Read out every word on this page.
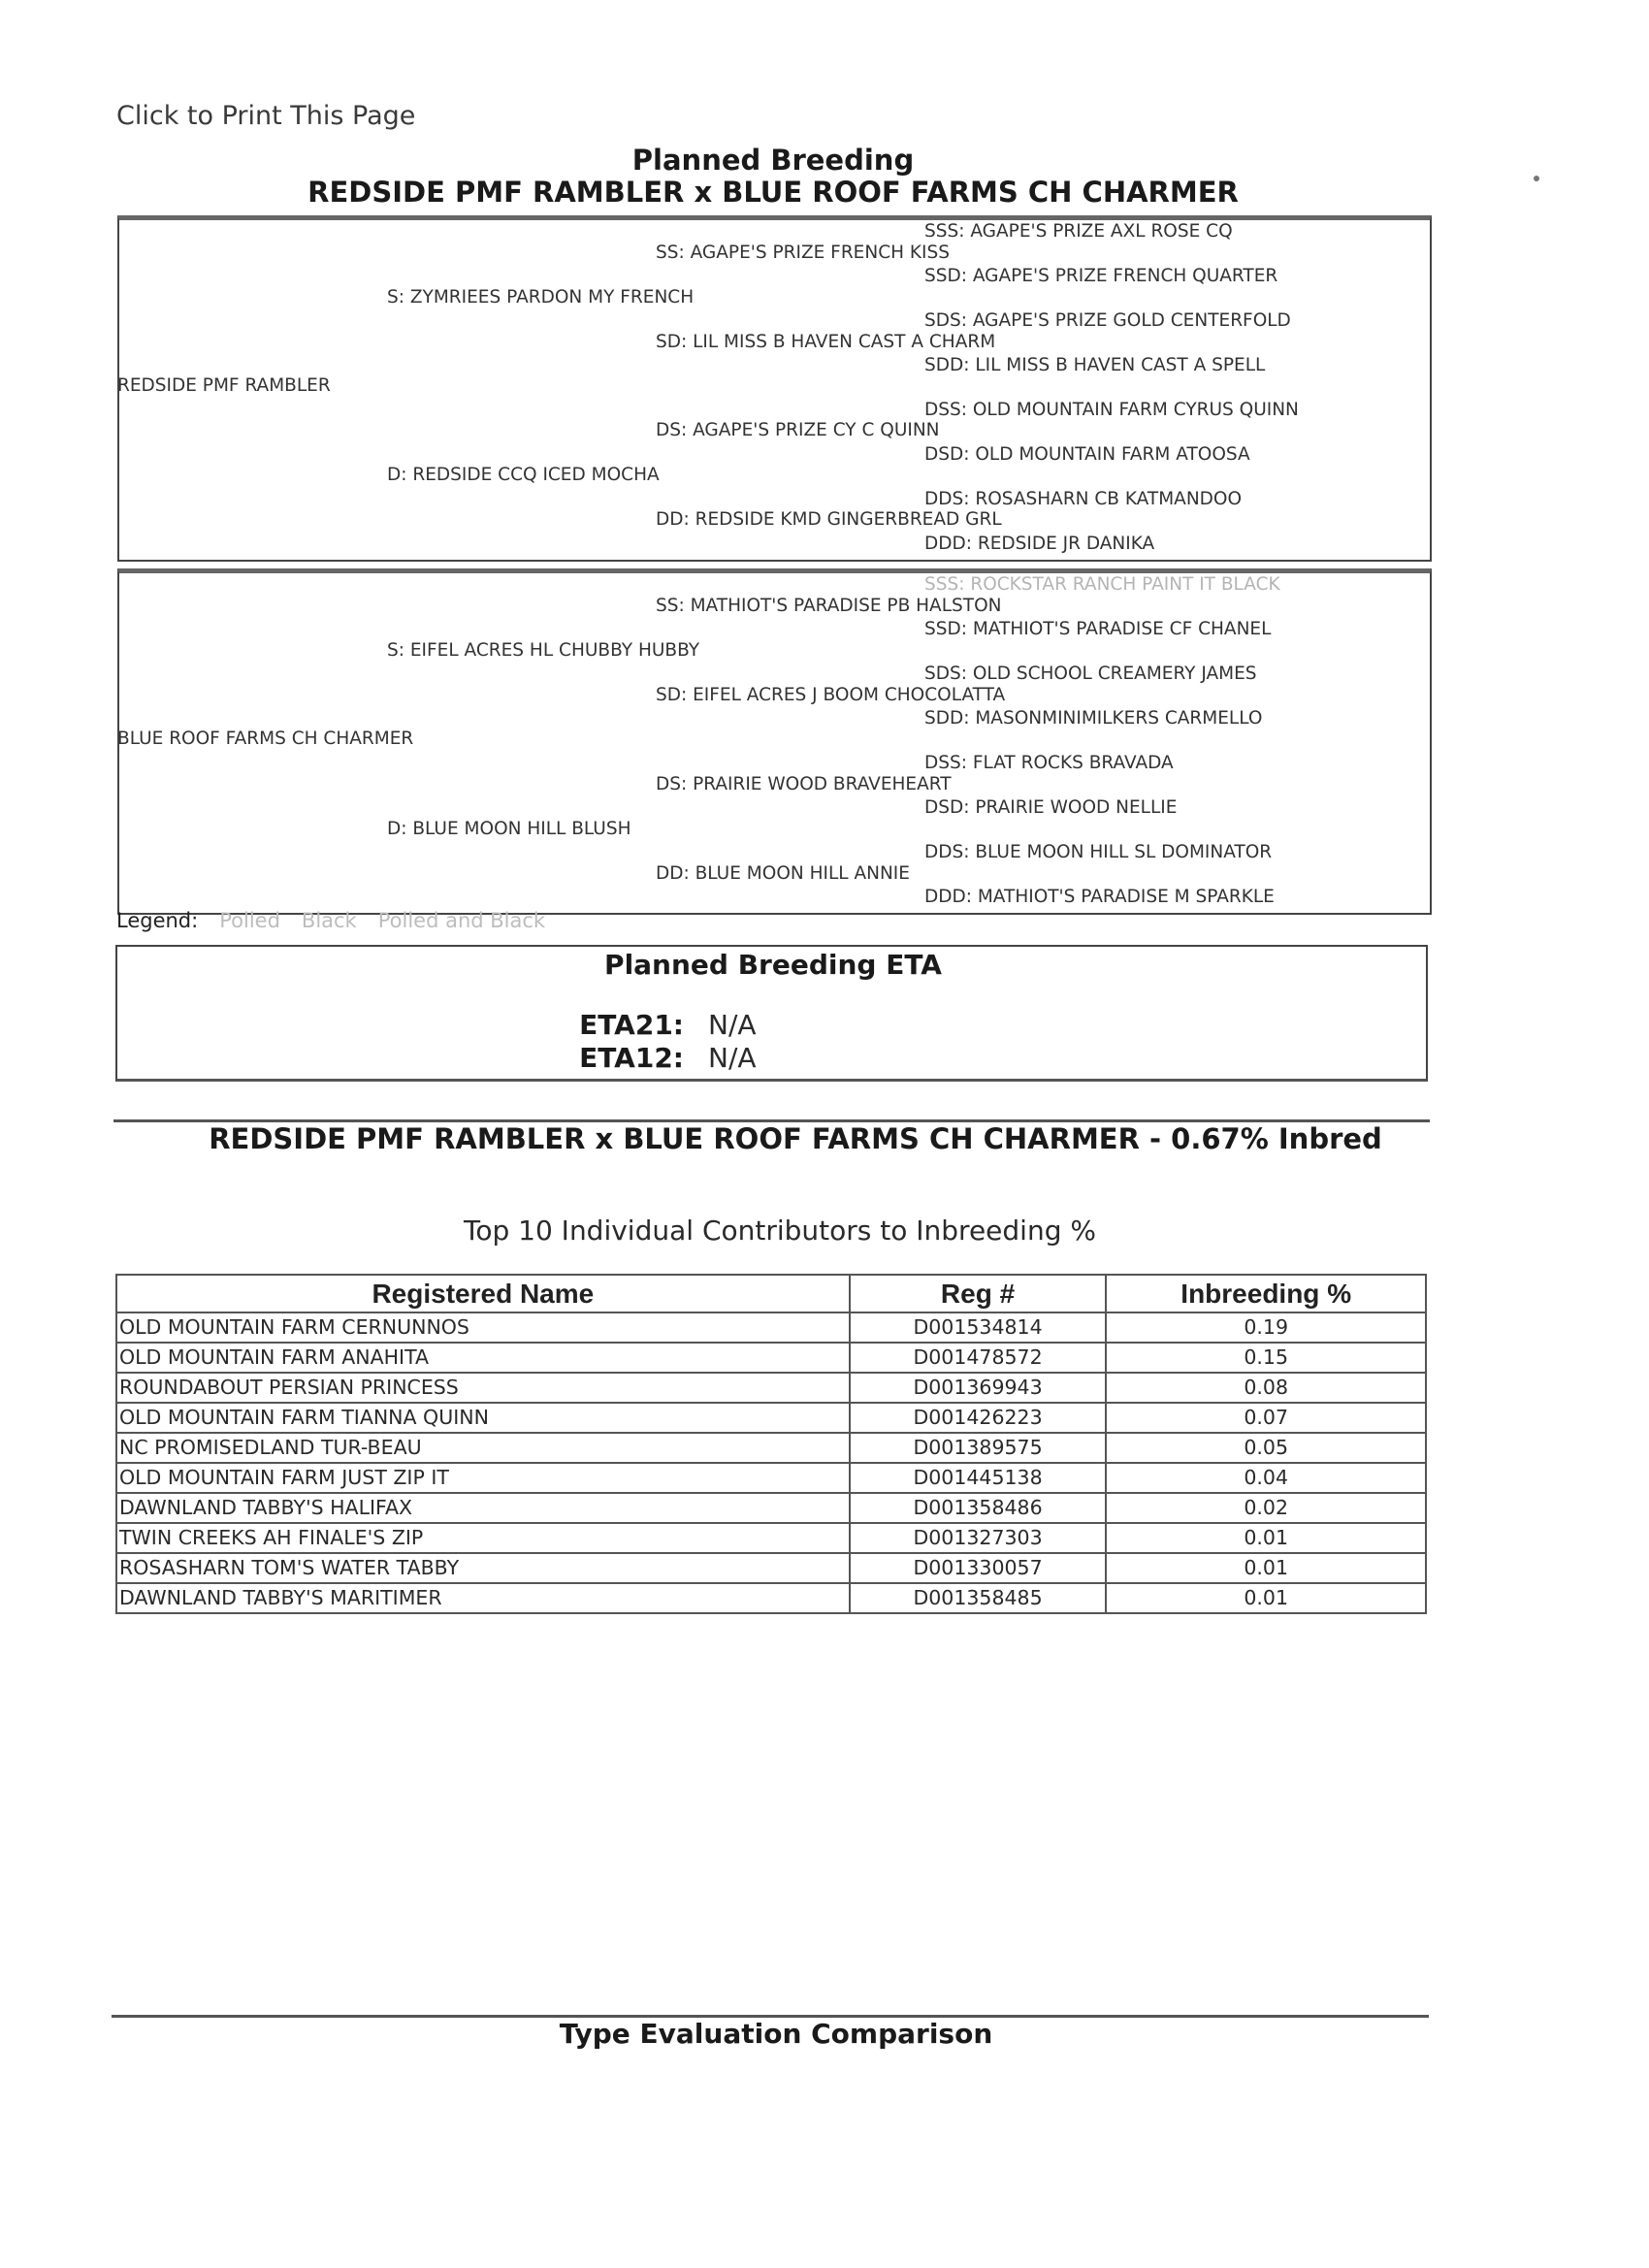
Click to Print This Page
Planned Breeding
REDSIDE PMF RAMBLER x BLUE ROOF FARMS CH CHARMER
REDSIDE PMF RAMBLER
S: ZYMRIEES PARDON MY FRENCH
D: REDSIDE CCQ ICED MOCHA
SS: AGAPE'S PRIZE FRENCH KISS
SD: LIL MISS B HAVEN CAST A CHARM
DS: AGAPE'S PRIZE CY C QUINN
DD: REDSIDE KMD GINGERBREAD GRL
SSS: AGAPE'S PRIZE AXL ROSE CQ
SSD: AGAPE'S PRIZE FRENCH QUARTER
SDS: AGAPE'S PRIZE GOLD CENTERFOLD
SDD: LIL MISS B HAVEN CAST A SPELL
DSS: OLD MOUNTAIN FARM CYRUS QUINN
DSD: OLD MOUNTAIN FARM ATOOSA
DDS: ROSASHARN CB KATMANDOO
DDD: REDSIDE JR DANIKA
BLUE ROOF FARMS CH CHARMER
S: EIFEL ACRES HL CHUBBY HUBBY
D: BLUE MOON HILL BLUSH
SS: MATHIOT'S PARADISE PB HALSTON
SD: EIFEL ACRES J BOOM CHOCOLATTA
DS: PRAIRIE WOOD BRAVEHEART
DD: BLUE MOON HILL ANNIE
SSS: ROCKSTAR RANCH PAINT IT BLACK
SSD: MATHIOT'S PARADISE CF CHANEL
SDS: OLD SCHOOL CREAMERY JAMES
SDD: MASONMINIMILKERS CARMELLO
DSS: FLAT ROCKS BRAVADA
DSD: PRAIRIE WOOD NELLIE
DDS: BLUE MOON HILL SL DOMINATOR
DDD: MATHIOT'S PARADISE M SPARKLE
Legend: Polled Black Polled and Black
Planned Breeding ETA
ETA21: N/A
ETA12: N/A
REDSIDE PMF RAMBLER x BLUE ROOF FARMS CH CHARMER - 0.67% Inbred
Top 10 Individual Contributors to Inbreeding %
Registered Name	Reg #	Inbreeding %
OLD MOUNTAIN FARM CERNUNNOS	D001534814	0.19
OLD MOUNTAIN FARM ANAHITA	D001478572	0.15
ROUNDABOUT PERSIAN PRINCESS	D001369943	0.08
OLD MOUNTAIN FARM TIANNA QUINN	D001426223	0.07
NC PROMISEDLAND TUR-BEAU	D001389575	0.05
OLD MOUNTAIN FARM JUST ZIP IT	D001445138	0.04
DAWNLAND TABBY'S HALIFAX	D001358486	0.02
TWIN CREEKS AH FINALE'S ZIP	D001327303	0.01
ROSASHARN TOM'S WATER TABBY	D001330057	0.01
DAWNLAND TABBY'S MARITIMER	D001358485	0.01
Type Evaluation Comparison
